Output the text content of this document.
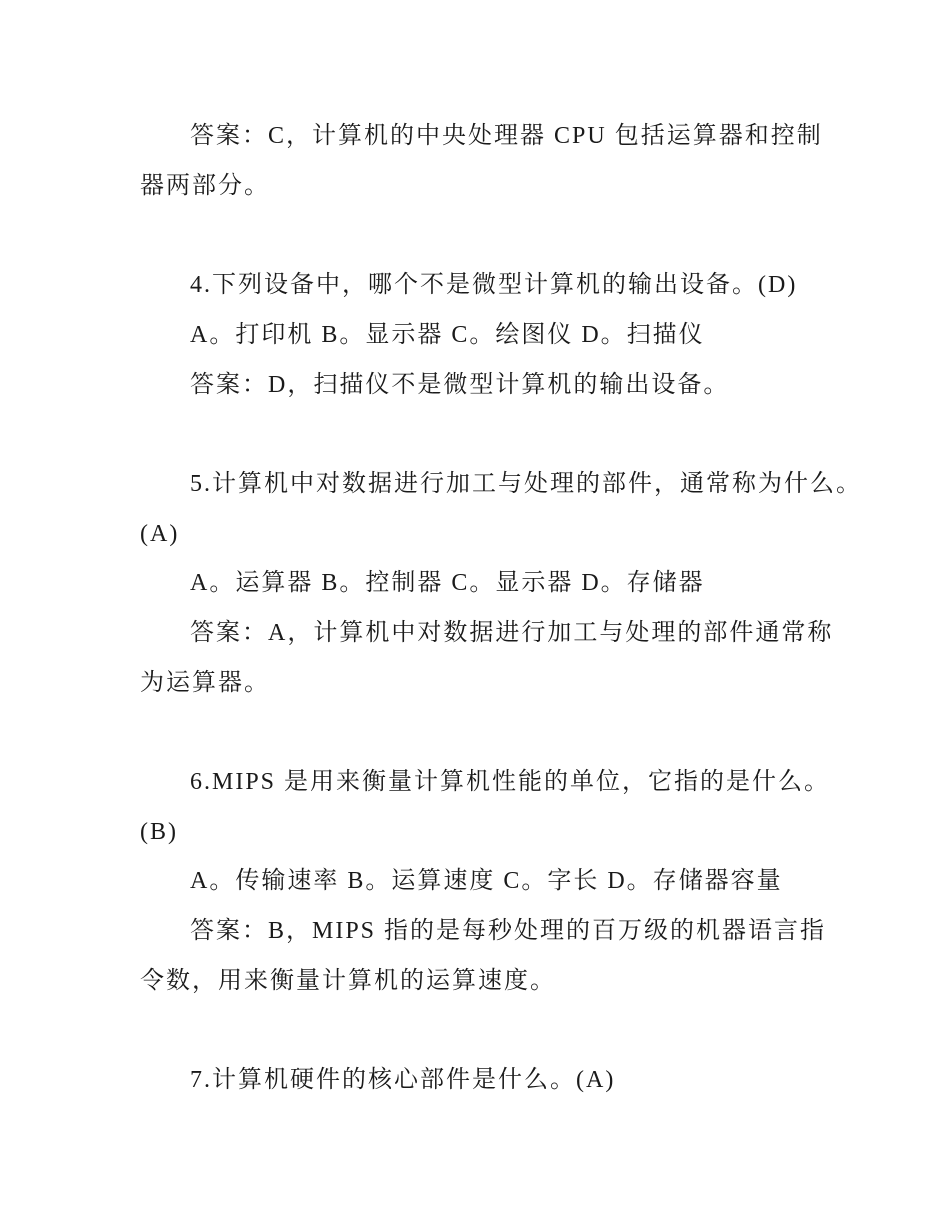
答案：C，计算机的中央处理器 CPU 包括运算器和控制
器两部分。
4.下列设备中，哪个不是微型计算机的输出设备。(D)
A。打印机 B。显示器 C。绘图仪 D。扫描仪
答案：D，扫描仪不是微型计算机的输出设备。
5.计算机中对数据进行加工与处理的部件，通常称为什么。
(A)
A。运算器 B。控制器 C。显示器 D。存储器
答案：A，计算机中对数据进行加工与处理的部件通常称
为运算器。
6.MIPS 是用来衡量计算机性能的单位，它指的是什么。
(B)
A。传输速率 B。运算速度 C。字长 D。存储器容量
答案：B，MIPS 指的是每秒处理的百万级的机器语言指
令数，用来衡量计算机的运算速度。
7.计算机硬件的核心部件是什么。(A)
